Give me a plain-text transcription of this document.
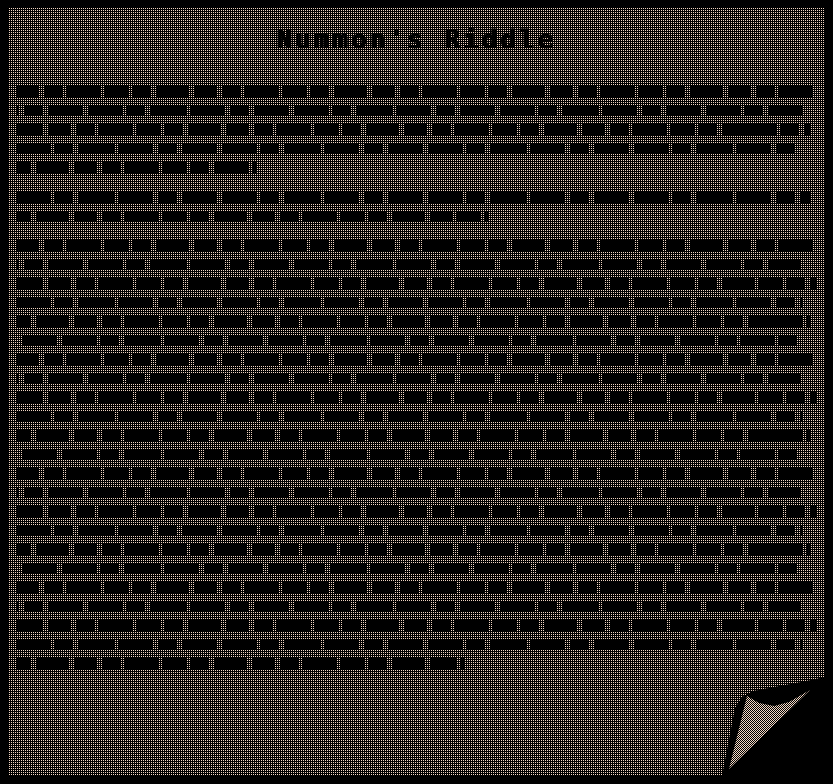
Nummon's Riddle
